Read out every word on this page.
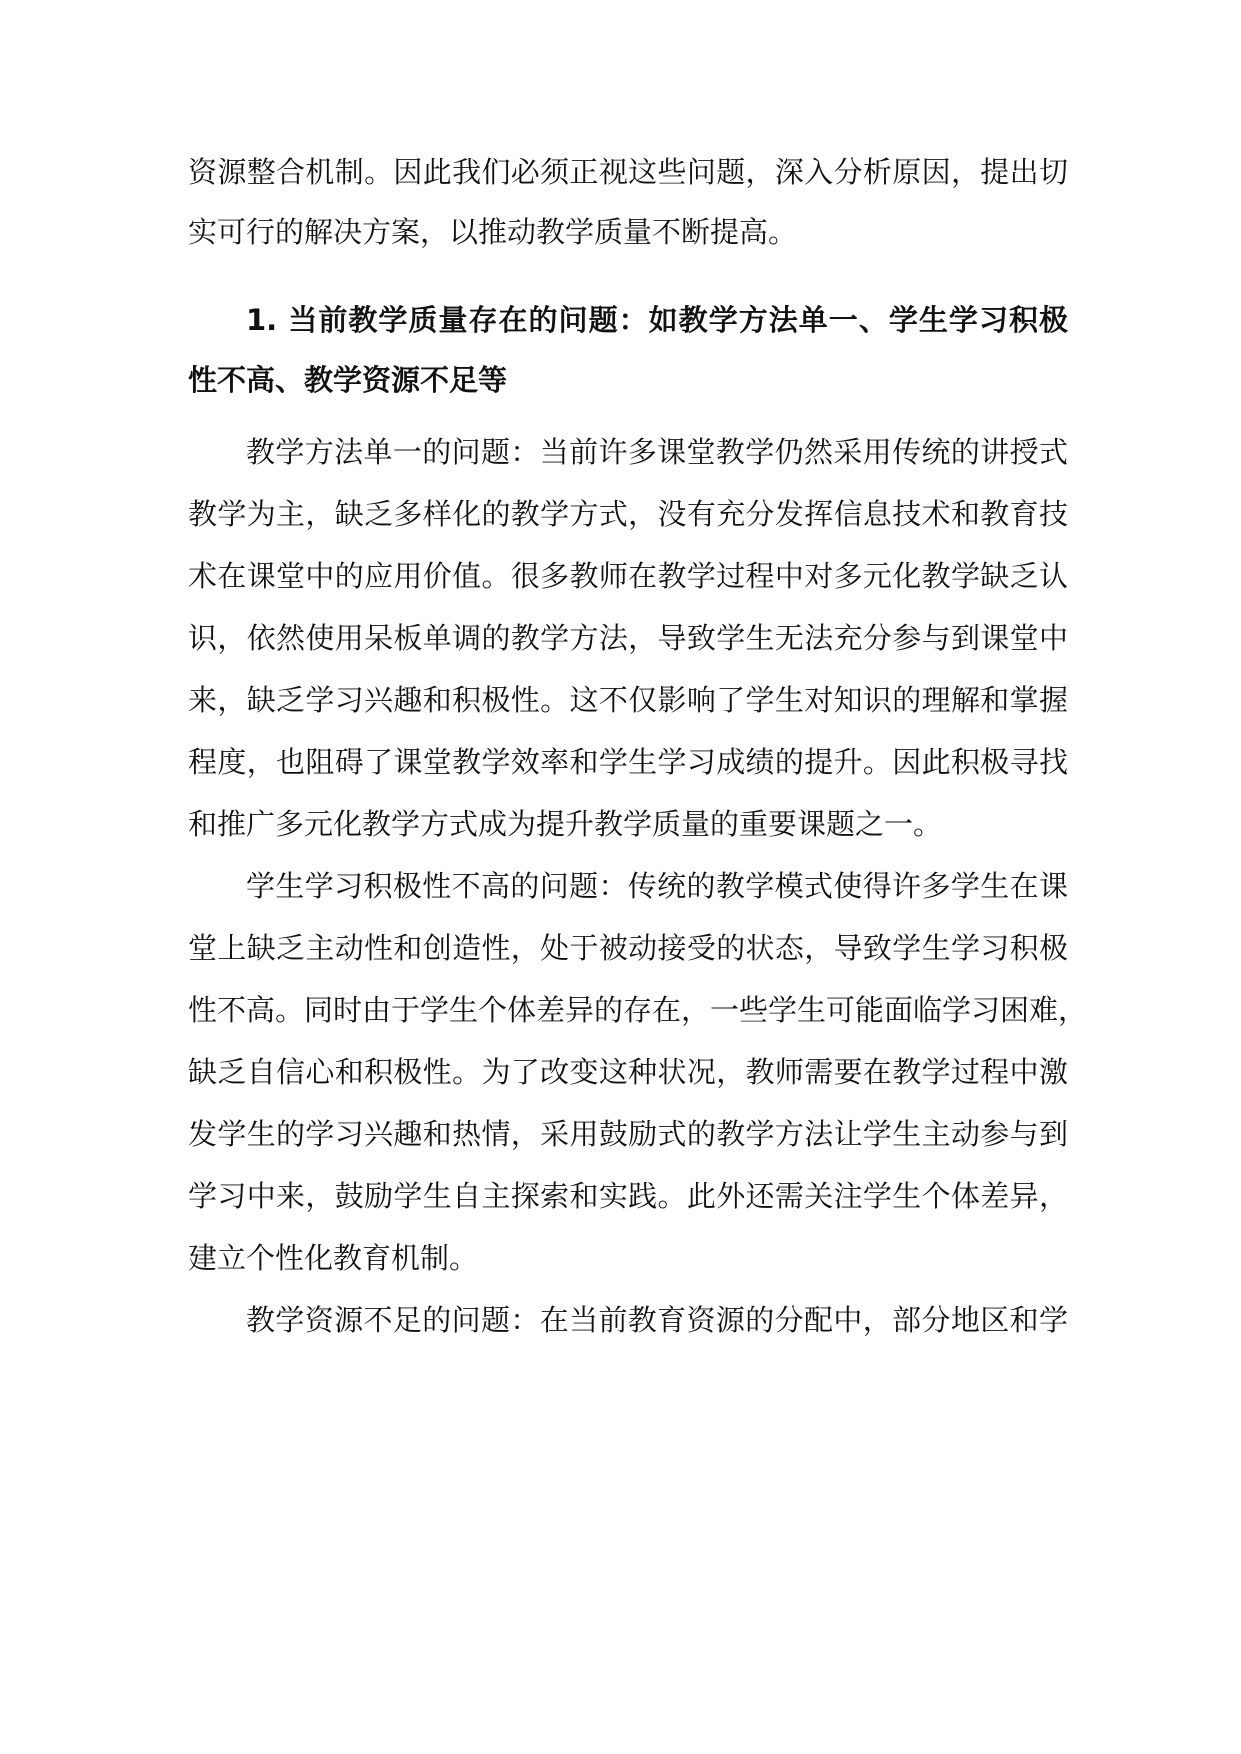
资源整合机制。因此我们必须正视这些问题，深入分析原因，提出切
实可行的解决方案，以推动教学质量不断提高。
1. 当前教学质量存在的问题：如教学方法单一、学生学习积极
性不高、教学资源不足等
教学方法单一的问题：当前许多课堂教学仍然采用传统的讲授式
教学为主，缺乏多样化的教学方式，没有充分发挥信息技术和教育技
术在课堂中的应用价值。很多教师在教学过程中对多元化教学缺乏认
识，依然使用呆板单调的教学方法，导致学生无法充分参与到课堂中
来，缺乏学习兴趣和积极性。这不仅影响了学生对知识的理解和掌握
程度，也阻碍了课堂教学效率和学生学习成绩的提升。因此积极寻找
和推广多元化教学方式成为提升教学质量的重要课题之一。
学生学习积极性不高的问题：传统的教学模式使得许多学生在课
堂上缺乏主动性和创造性，处于被动接受的状态，导致学生学习积极
性不高。同时由于学生个体差异的存在，一些学生可能面临学习困难，
缺乏自信心和积极性。为了改变这种状况，教师需要在教学过程中激
发学生的学习兴趣和热情，采用鼓励式的教学方法让学生主动参与到
学习中来，鼓励学生自主探索和实践。此外还需关注学生个体差异，
建立个性化教育机制。
教学资源不足的问题：在当前教育资源的分配中，部分地区和学
